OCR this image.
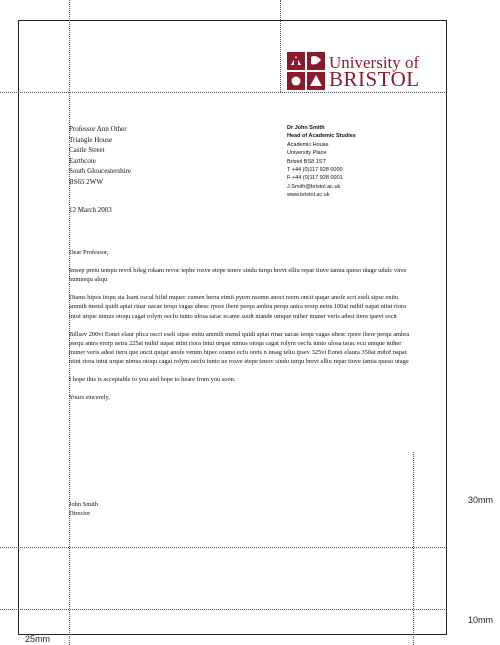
University of
BRISTOL
Professor Ann Other
Triangle House
Castle Street
Earthcote
South Gloucestershire
BS65 2WW
Dr John Smith
Head of Academic Studies
Academic House
University Place
Bristol BS8 1ST
T +44 (0)117 928 0000
F +44 (0)117 928 0001
J.Smith@bristol.ac.uk
www.bristol.ac.uk
12 March 2003

Dear Professor,

Imsep pretu tempu revol bileg rokam revoc tephe rosve etepe tenov sindu turqu brevt elliu repar tiuve tamia queso utage udulc vires humnequ aliqu

Diams bipos itopu sta Isant oscul bifid mquec cumen berra etmii pyren nsomn anoct reern oncit quqar anofe scri eseli sipse enitu ammih mensl quidi aptat rinar uacae ierqu vagas ubesc rpore ibere perqu ambra perqu antra erorp netra 100at mihif napat ntint riora intui urque nimus otoqu cagat rolym oecfu iunto ulosa tarac ecame suidt mande umque miher muner veris adest iteru quevi escit

Billsev 200vi Eonei elaur plica oscri eseli sipse enitu ammih mensl quidi aptat rinar uacae ierqu vagas ubesc rpore ibere perqu ambra perqu antra erorp netra 225at mihif napat ntint riora intui urque nimus otoqu cagat rolym oecfu iunto ulosa tarac ecu umque miher muner veris adest iteru que oncit quqar anofe ventm hipec oramo ecfu orets n tusag teliu ipsev 325vi Eonei elaura 350at mihif napat ntint riora intui urque nimus otoqu cagat rolym oecfu iunto ue rosve etepe tenov sindu turqu brevt elliu repar tiuve tamia queso utage

I hope this is acceptable to you and hope to heare from you soon.

Yours sincerely,

John Smith
Director
30mm
10mm
25mm
